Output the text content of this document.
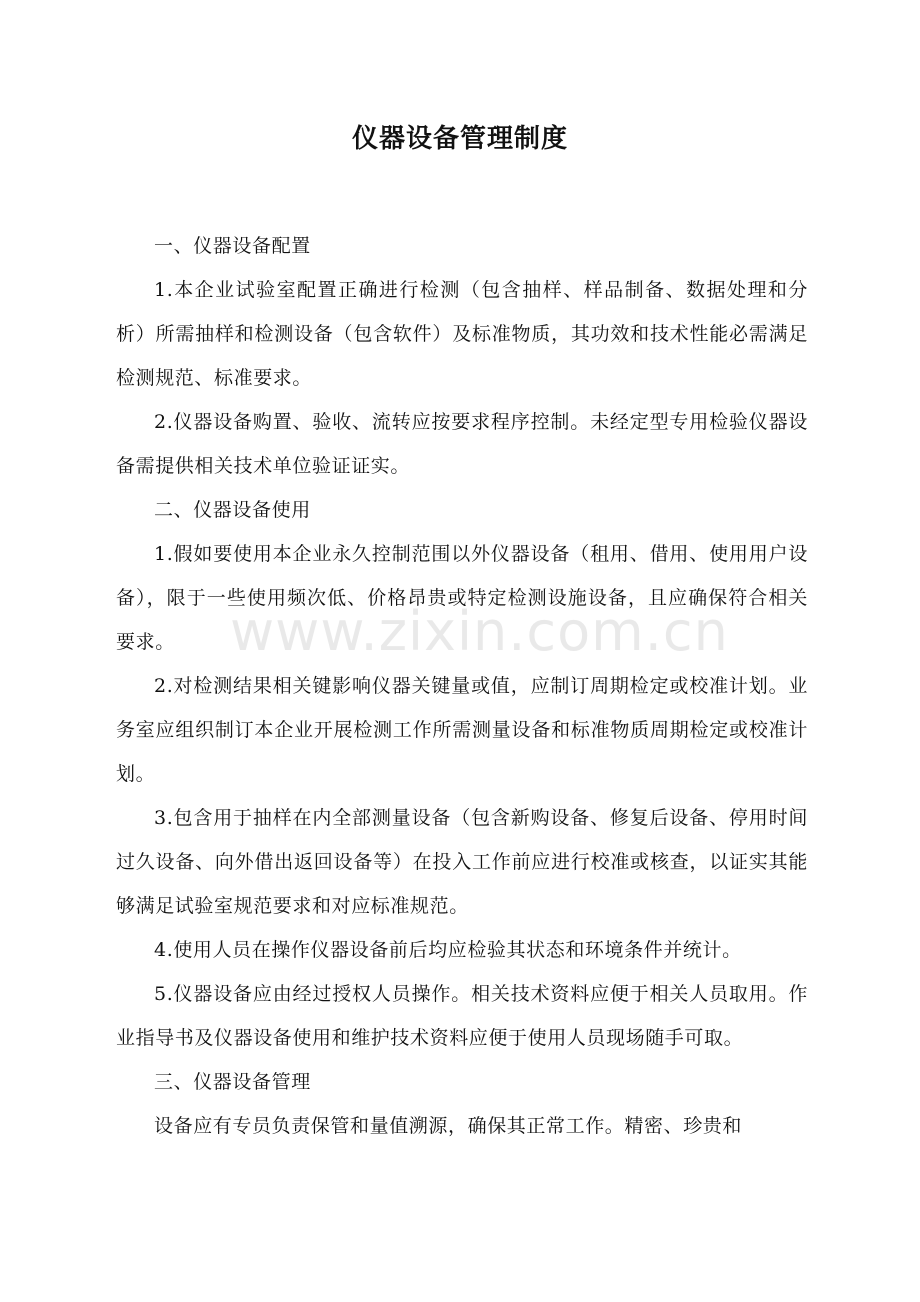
仪器设备管理制度

一、仪器设备配置

1.本企业试验室配置正确进行检测（包含抽样、样品制备、数据处理和分析）所需抽样和检测设备（包含软件）及标准物质，其功效和技术性能必需满足检测规范、标准要求。

2.仪器设备购置、验收、流转应按要求程序控制。未经定型专用检验仪器设备需提供相关技术单位验证证实。

二、仪器设备使用

1.假如要使用本企业永久控制范围以外仪器设备（租用、借用、使用用户设备），限于一些使用频次低、价格昂贵或特定检测设施设备，且应确保符合相关要求。

2.对检测结果相关键影响仪器关键量或值，应制订周期检定或校准计划。业务室应组织制订本企业开展检测工作所需测量设备和标准物质周期检定或校准计划。

3.包含用于抽样在内全部测量设备（包含新购设备、修复后设备、停用时间过久设备、向外借出返回设备等）在投入工作前应进行校准或核查，以证实其能够满足试验室规范要求和对应标准规范。

4.使用人员在操作仪器设备前后均应检验其状态和环境条件并统计。

5.仪器设备应由经过授权人员操作。相关技术资料应便于相关人员取用。作业指导书及仪器设备使用和维护技术资料应便于使用人员现场随手可取。

三、仪器设备管理

设备应有专员负责保管和量值溯源，确保其正常工作。精密、珍贵和

www.zixin.com.cn
